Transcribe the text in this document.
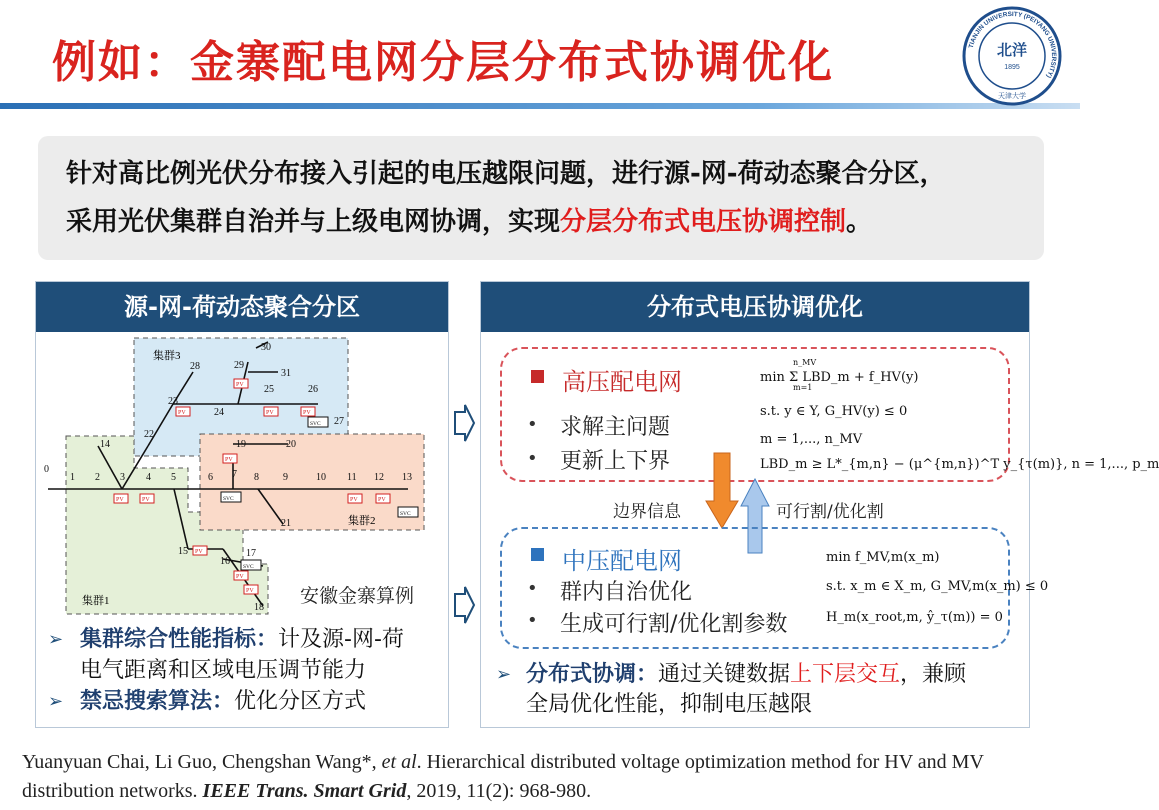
例如：金寨配电网分层分布式协调优化	TIANJIN UNIVERSITY (PEIYANG UNIVERSITY)
北洋
1895
天津大学

针对高比例光伏分布接入引起的电压越限问题，进行源-网-荷动态聚合分区，

采用光伏集群自治并与上级电网协调，实现分层分布式电压协调控制。

源-网-荷动态聚合分区
集群3
集群2
集群1
0
1 2 3 4 5	6 7 8 9	10 11 12 13
14
15
16
17
18
19	20
21
22
23
24
25	26
27
28	29
30
31
PV	PV	PV	PV
PV
PV
PV	PV	PV
PV
PV
PV
SVC
SVC
SVC
SVC
安徽金寨算例
➢ 集群综合性能指标：计及源-网-荷
电气距离和区域电压调节能力
➢ 禁忌搜索算法：优化分区方式
分布式电压协调优化
高压配电网
• 求解主问题
• 更新上下界
n_MV
m=1
min Σ LBD_m + f_HV(y)
s.t. y ∈ Y, G_HV(y) ≤ 0
m = 1,..., n_MV
LBD_m ≥ L*_{m,n} − (μ^{m,n})^T y_{τ(m)}, n = 1,..., p_m
边界信息	可行割/优化割
中压配电网
• 群内自治优化
• 生成可行割/优化割参数
min f_MV,m(x_m)
s.t. x_m ∈ X_m, G_MV,m(x_m) ≤ 0
H_m(x_root,m, ŷ_τ(m)) = 0
➢ 分布式协调：通过关键数据上下层交互，兼顾
全局优化性能，抑制电压越限
Yuanyuan Chai, Li Guo, Chengshan Wang*, et al. Hierarchical distributed voltage optimization method for HV and MV distribution networks. IEEE Trans. Smart Grid, 2019, 11(2): 968-980.
